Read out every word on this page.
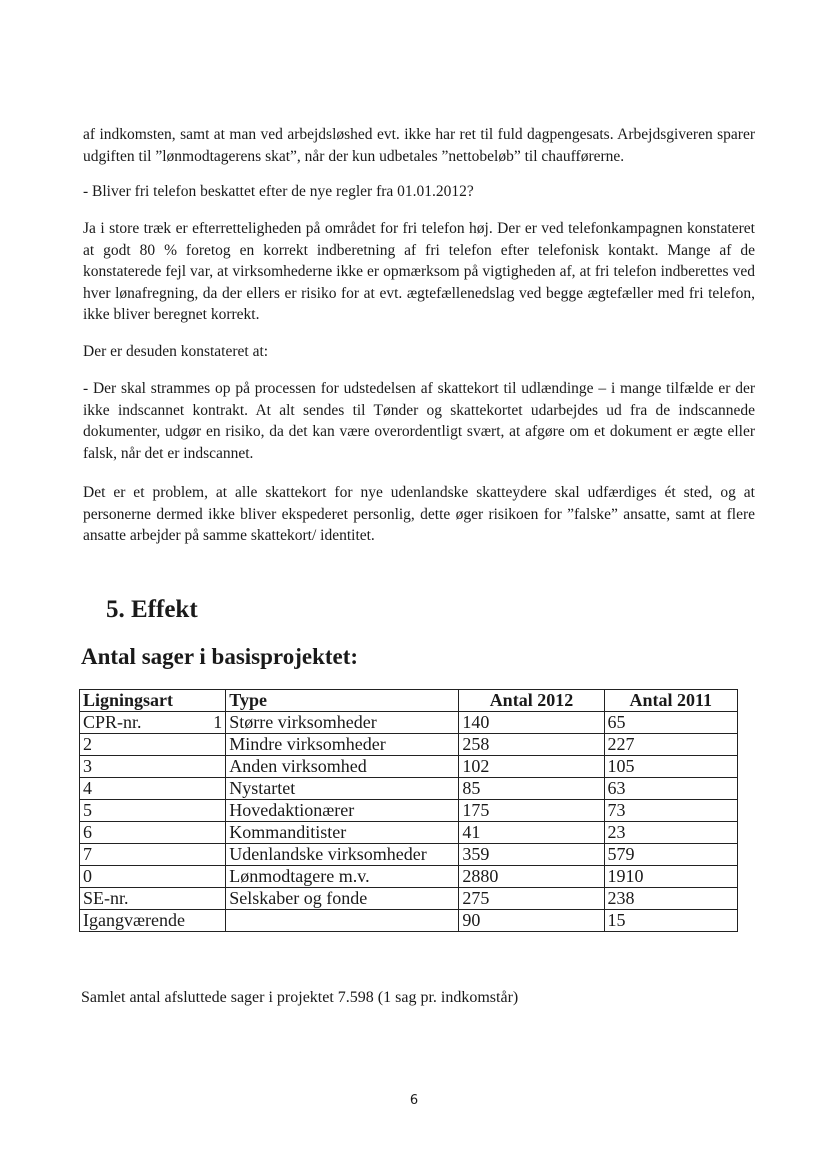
af indkomsten, samt at man ved arbejdsløshed evt. ikke har ret til fuld dagpengesats. Arbejdsgiveren sparer udgiften til ”lønmodtagerens skat”, når der kun udbetales ”nettobeløb” til chaufførerne.

- Bliver fri telefon beskattet efter de nye regler fra 01.01.2012?

Ja i store træk er efterretteligheden på området for fri telefon høj. Der er ved telefonkampagnen konstateret at godt 80 % foretog en korrekt indberetning af fri telefon efter telefonisk kontakt. Mange af de konstaterede fejl var, at virksomhederne ikke er opmærksom på vigtigheden af, at fri telefon indberettes ved hver lønafregning, da der ellers er risiko for at evt. ægtefællenedslag ved begge ægtefæller med fri telefon, ikke bliver beregnet korrekt.

Der er desuden konstateret at:

- Der skal strammes op på processen for udstedelsen af skattekort til udlændinge – i mange tilfælde er der ikke indscannet kontrakt. At alt sendes til Tønder og skattekortet udarbejdes ud fra de indscannede dokumenter, udgør en risiko, da det kan være overordentligt svært, at afgøre om et dokument er ægte eller falsk, når det er indscannet.

Det er et problem, at alle skattekort for nye udenlandske skatteydere skal udfærdiges ét sted, og at personerne dermed ikke bliver ekspederet personlig, dette øger risikoen for ”falske” ansatte, samt at flere ansatte arbejder på samme skattekort/ identitet.

5. Effekt
Antal sager i basisprojektet:
Ligningsart	Type	Antal 2012	Antal 2011

CPR-nr. 1	Større virksomheder	140	65
2	Mindre virksomheder	258	227
3	Anden virksomhed	102	105
4	Nystartet	85	63
5	Hovedaktionærer	175	73
6	Kommanditister	41	23
7	Udenlandske virksomheder	359	579
0	Lønmodtagere m.v.	2880	1910
SE-nr.	Selskaber og fonde	275	238
Igangværende		90	15

Samlet antal afsluttede sager i projektet 7.598 (1 sag pr. indkomstår)

6
